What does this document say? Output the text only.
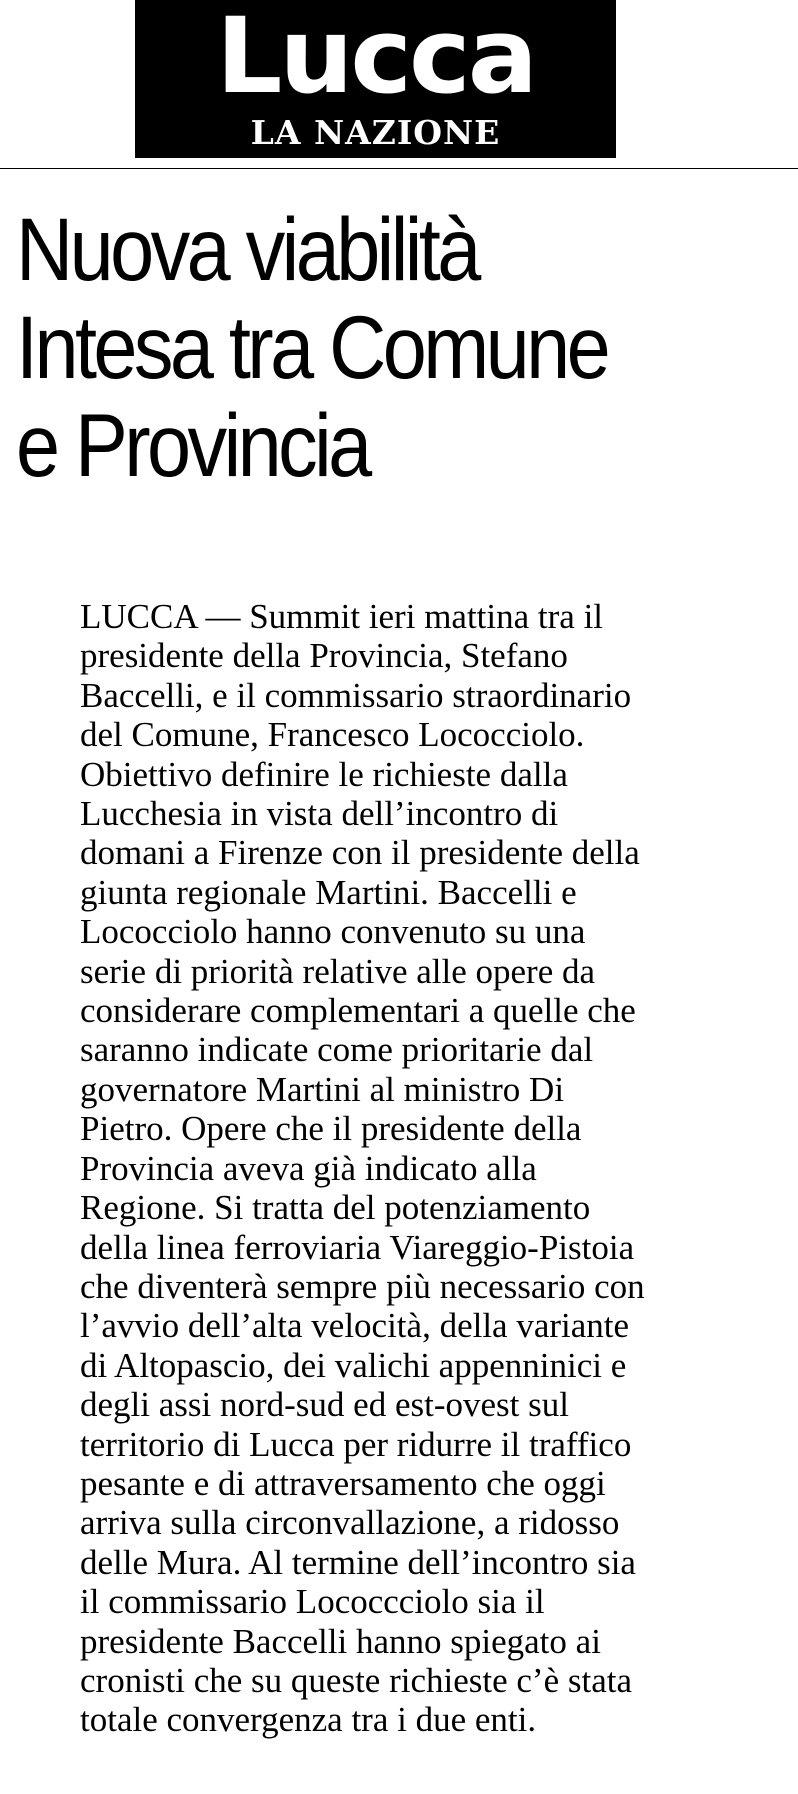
Lucca
LA NAZIONE
Nuova viabilità
Intesa tra Comune
e Provincia
LUCCA — Summit ieri mattina tra il
presidente della Provincia, Stefano
Baccelli, e il commissario straordinario
del Comune, Francesco Lococciolo.
Obiettivo definire le richieste dalla
Lucchesia in vista dell’incontro di
domani a Firenze con il presidente della
giunta regionale Martini. Baccelli e
Lococciolo hanno convenuto su una
serie di priorità relative alle opere da
considerare complementari a quelle che
saranno indicate come prioritarie dal
governatore Martini al ministro Di
Pietro. Opere che il presidente della
Provincia aveva già indicato alla
Regione. Si tratta del potenziamento
della linea ferroviaria Viareggio-Pistoia
che diventerà sempre più necessario con
l’avvio dell’alta velocità, della variante
di Altopascio, dei valichi appenninici e
degli assi nord-sud ed est-ovest sul
territorio di Lucca per ridurre il traffico
pesante e di attraversamento che oggi
arriva sulla circonvallazione, a ridosso
delle Mura. Al termine dell’incontro sia
il commissario Lococcciolo sia il
presidente Baccelli hanno spiegato ai
cronisti che su queste richieste c’è stata
totale convergenza tra i due enti.
